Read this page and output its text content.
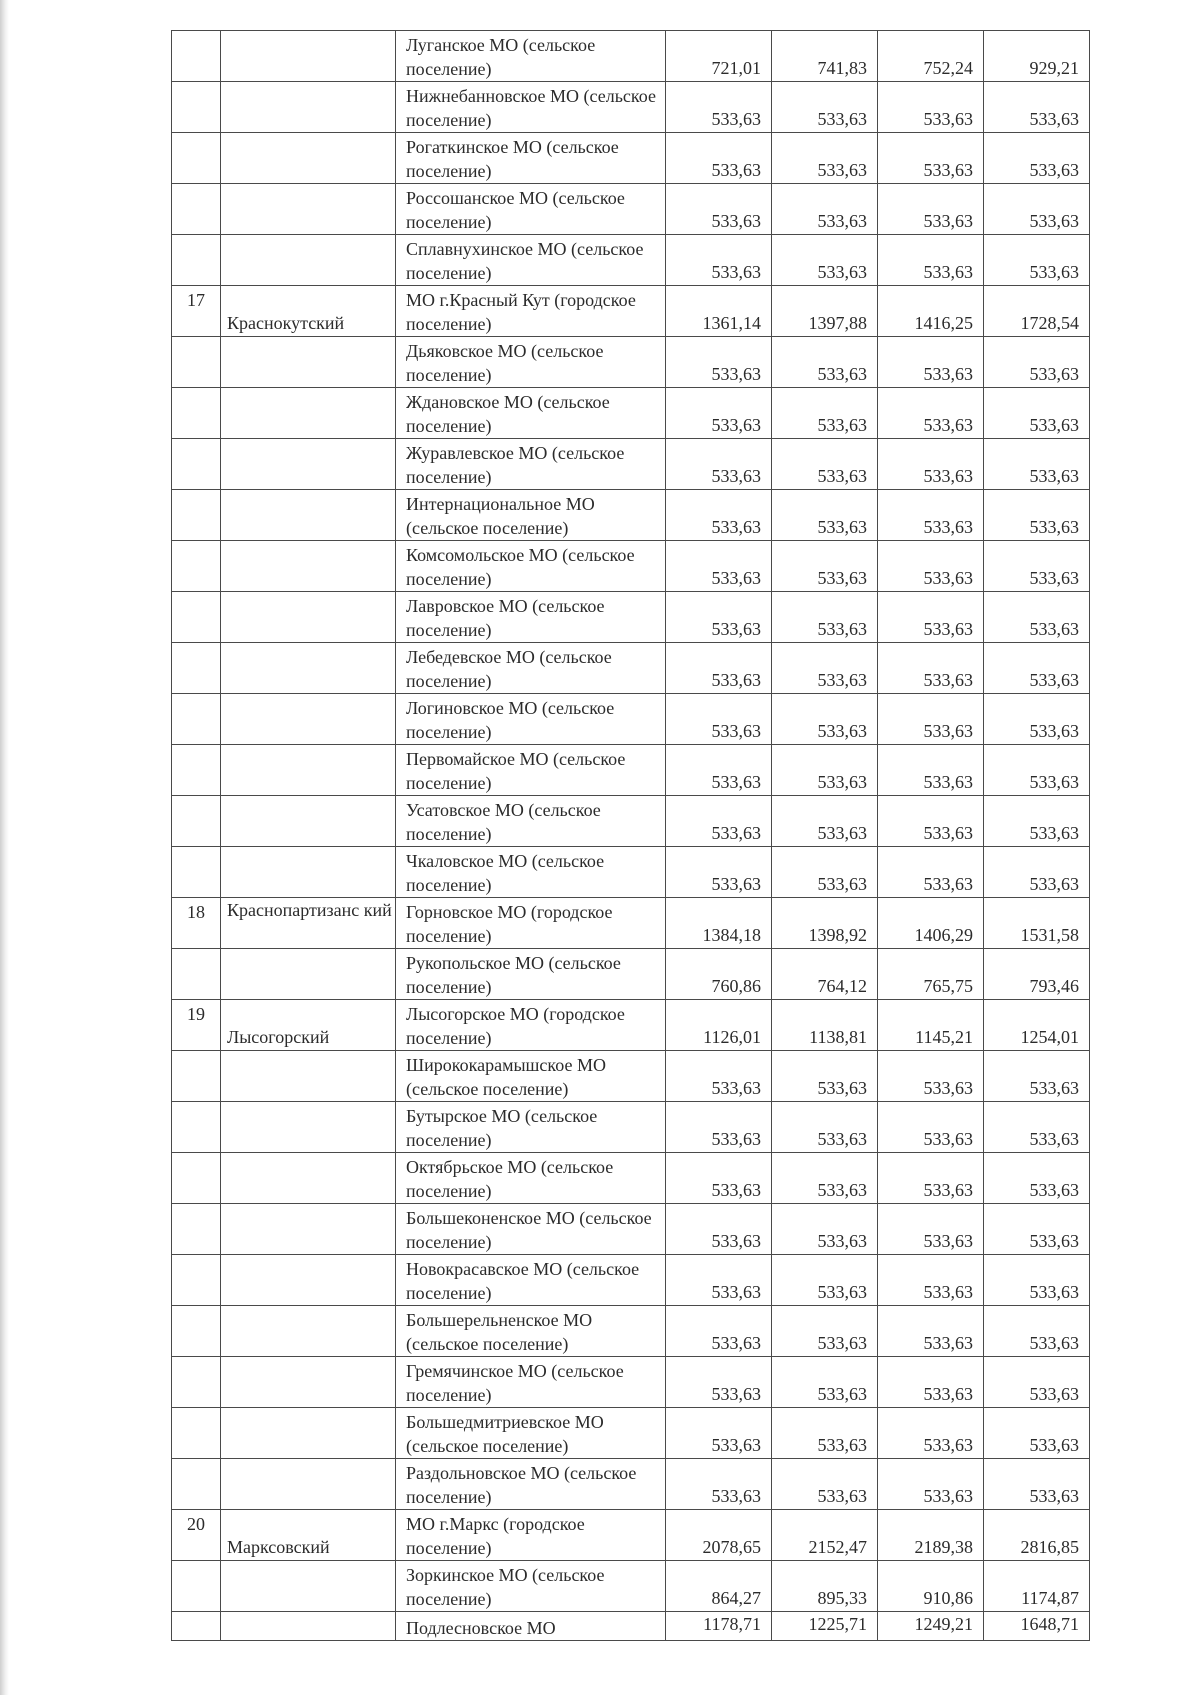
		Луганское МО (сельское поселение)	721,01	741,83	752,24	929,21
		Нижнебанновское МО (сельское поселение)	533,63	533,63	533,63	533,63
		Рогаткинское МО (сельское поселение)	533,63	533,63	533,63	533,63
		Россошанское МО (сельское поселение)	533,63	533,63	533,63	533,63
		Сплавнухинское МО (сельское поселение)	533,63	533,63	533,63	533,63
17	Краснокутский	МО г.Красный Кут (городское поселение)	1361,14	1397,88	1416,25	1728,54
		Дьяковское МО (сельское поселение)	533,63	533,63	533,63	533,63
		Ждановское МО (сельское поселение)	533,63	533,63	533,63	533,63
		Журавлевское МО (сельское поселение)	533,63	533,63	533,63	533,63
		Интернациональное МО (сельское поселение)	533,63	533,63	533,63	533,63
		Комсомольское МО (сельское поселение)	533,63	533,63	533,63	533,63
		Лавровское МО (сельское поселение)	533,63	533,63	533,63	533,63
		Лебедевское МО (сельское поселение)	533,63	533,63	533,63	533,63
		Логиновское МО (сельское поселение)	533,63	533,63	533,63	533,63
		Первомайское МО (сельское поселение)	533,63	533,63	533,63	533,63
		Усатовское МО (сельское поселение)	533,63	533,63	533,63	533,63
		Чкаловское МО (сельское поселение)	533,63	533,63	533,63	533,63
18	Краснопартизанс кий	Горновское МО (городское поселение)	1384,18	1398,92	1406,29	1531,58
		Рукопольское МО (сельское поселение)	760,86	764,12	765,75	793,46
19	Лысогорский	Лысогорское МО (городское поселение)	1126,01	1138,81	1145,21	1254,01
		Ширококарамышское МО (сельское поселение)	533,63	533,63	533,63	533,63
		Бутырское МО (сельское поселение)	533,63	533,63	533,63	533,63
		Октябрьское МО (сельское поселение)	533,63	533,63	533,63	533,63
		Большеконенское МО (сельское поселение)	533,63	533,63	533,63	533,63
		Новокрасавское МО (сельское поселение)	533,63	533,63	533,63	533,63
		Большерельненское МО (сельское поселение)	533,63	533,63	533,63	533,63
		Гремячинское МО (сельское поселение)	533,63	533,63	533,63	533,63
		Большедмитриевское МО (сельское поселение)	533,63	533,63	533,63	533,63
		Раздольновское МО (сельское поселение)	533,63	533,63	533,63	533,63
20	Марксовский	МО г.Маркс (городское поселение)	2078,65	2152,47	2189,38	2816,85
		Зоркинское МО (сельское поселение)	864,27	895,33	910,86	1174,87
		Подлесновское МО	1178,71	1225,71	1249,21	1648,71
